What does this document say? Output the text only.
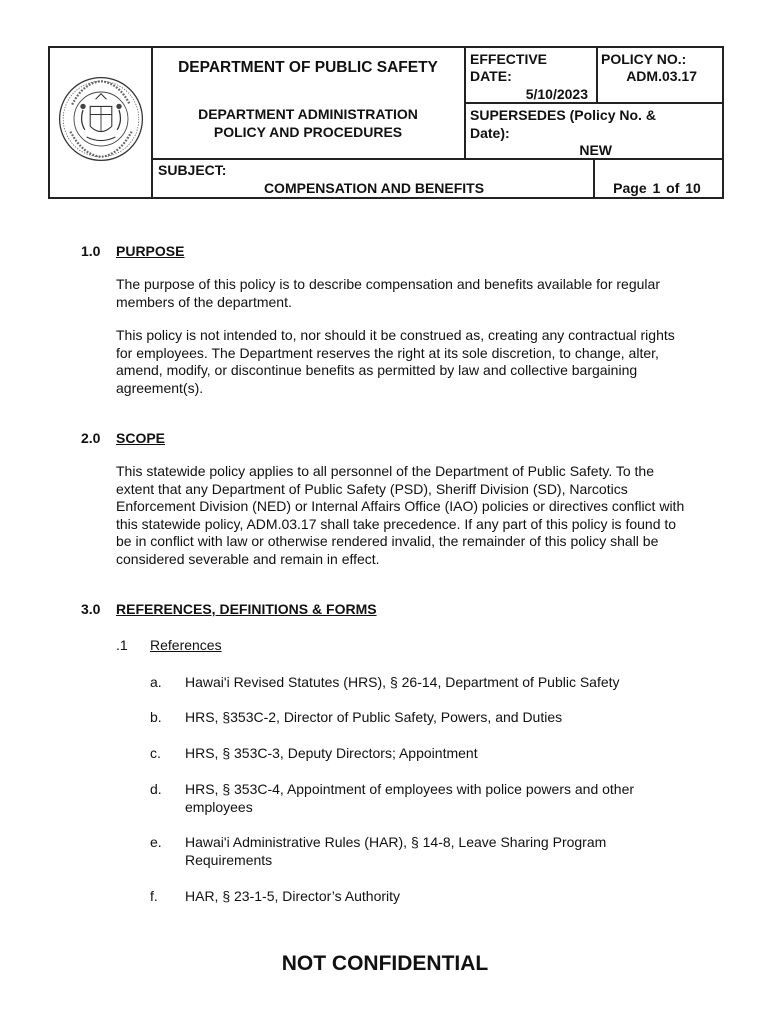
DEPARTMENT OF PUBLIC SAFETY
DEPARTMENT ADMINISTRATION
POLICY AND PROCEDURES
EFFECTIVE
DATE:
5/10/2023
POLICY NO.:
ADM.03.17
SUPERSEDES (Policy No. &
Date):
NEW
SUBJECT:
COMPENSATION AND BENEFITS	Page 1 of 10
1.0 PURPOSE
The purpose of this policy is to describe compensation and benefits available for regular members of the department.
This policy is not intended to, nor should it be construed as, creating any contractual rights for employees. The Department reserves the right at its sole discretion, to change, alter, amend, modify, or discontinue benefits as permitted by law and collective bargaining agreement(s).
2.0 SCOPE
This statewide policy applies to all personnel of the Department of Public Safety. To the extent that any Department of Public Safety (PSD), Sheriff Division (SD), Narcotics Enforcement Division (NED) or Internal Affairs Office (IAO) policies or directives conflict with this statewide policy, ADM.03.17 shall take precedence. If any part of this policy is found to be in conflict with law or otherwise rendered invalid, the remainder of this policy shall be considered severable and remain in effect.
3.0 REFERENCES, DEFINITIONS & FORMS
.1 References
a. Hawai'i Revised Statutes (HRS), § 26-14, Department of Public Safety
b. HRS, §353C-2, Director of Public Safety, Powers, and Duties
c. HRS, § 353C-3, Deputy Directors; Appointment
d. HRS, § 353C-4, Appointment of employees with police powers and other employees
e. Hawai'i Administrative Rules (HAR), § 14-8, Leave Sharing Program Requirements
f. HAR, § 23-1-5, Director’s Authority
NOT CONFIDENTIAL
